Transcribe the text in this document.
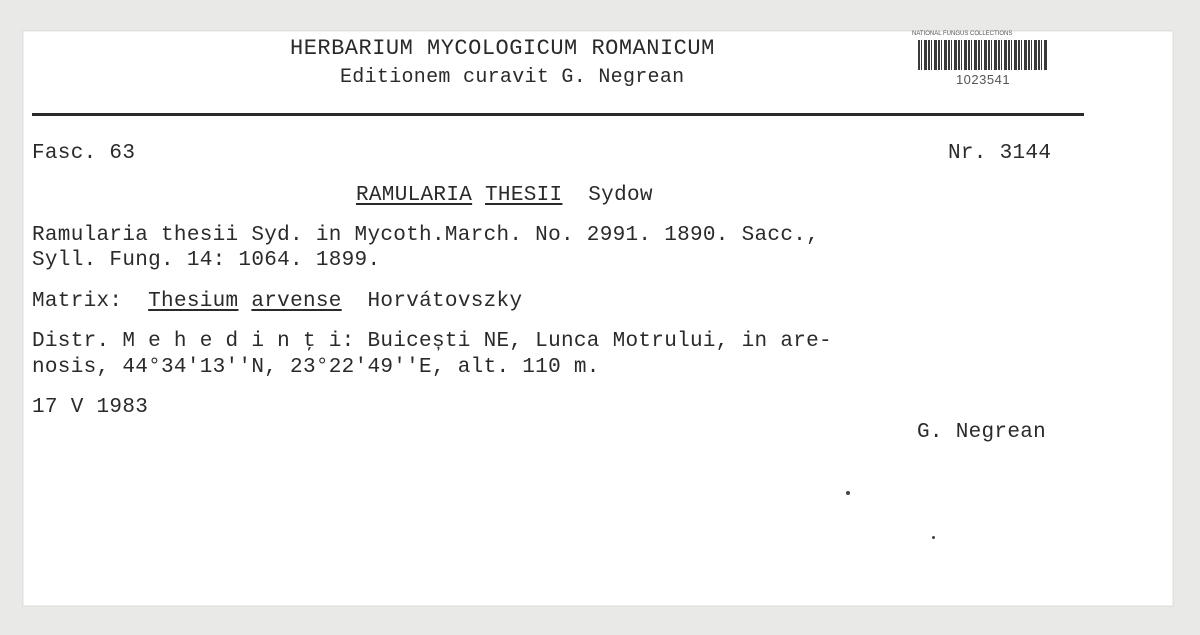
HERBARIUM MYCOLOGICUM ROMANICUM
Editionem curavit G. Negrean
NATIONAL FUNGUS COLLECTIONS
1023541
Fasc. 63	Nr. 3144
RAMULARIA THESII Sydow
Ramularia thesii Syd. in Mycoth.March. No. 2991. 1890. Sacc.,
Syll. Fung. 14: 1064. 1899.
Matrix: Thesium arvense Horvátovszky
Distr. M e h e d i n ţ i: Buicești NE, Lunca Motrului, in are-
nosis, 44°34'13''N, 23°22'49''E, alt. 110 m.
17 V 1983
G. Negrean
